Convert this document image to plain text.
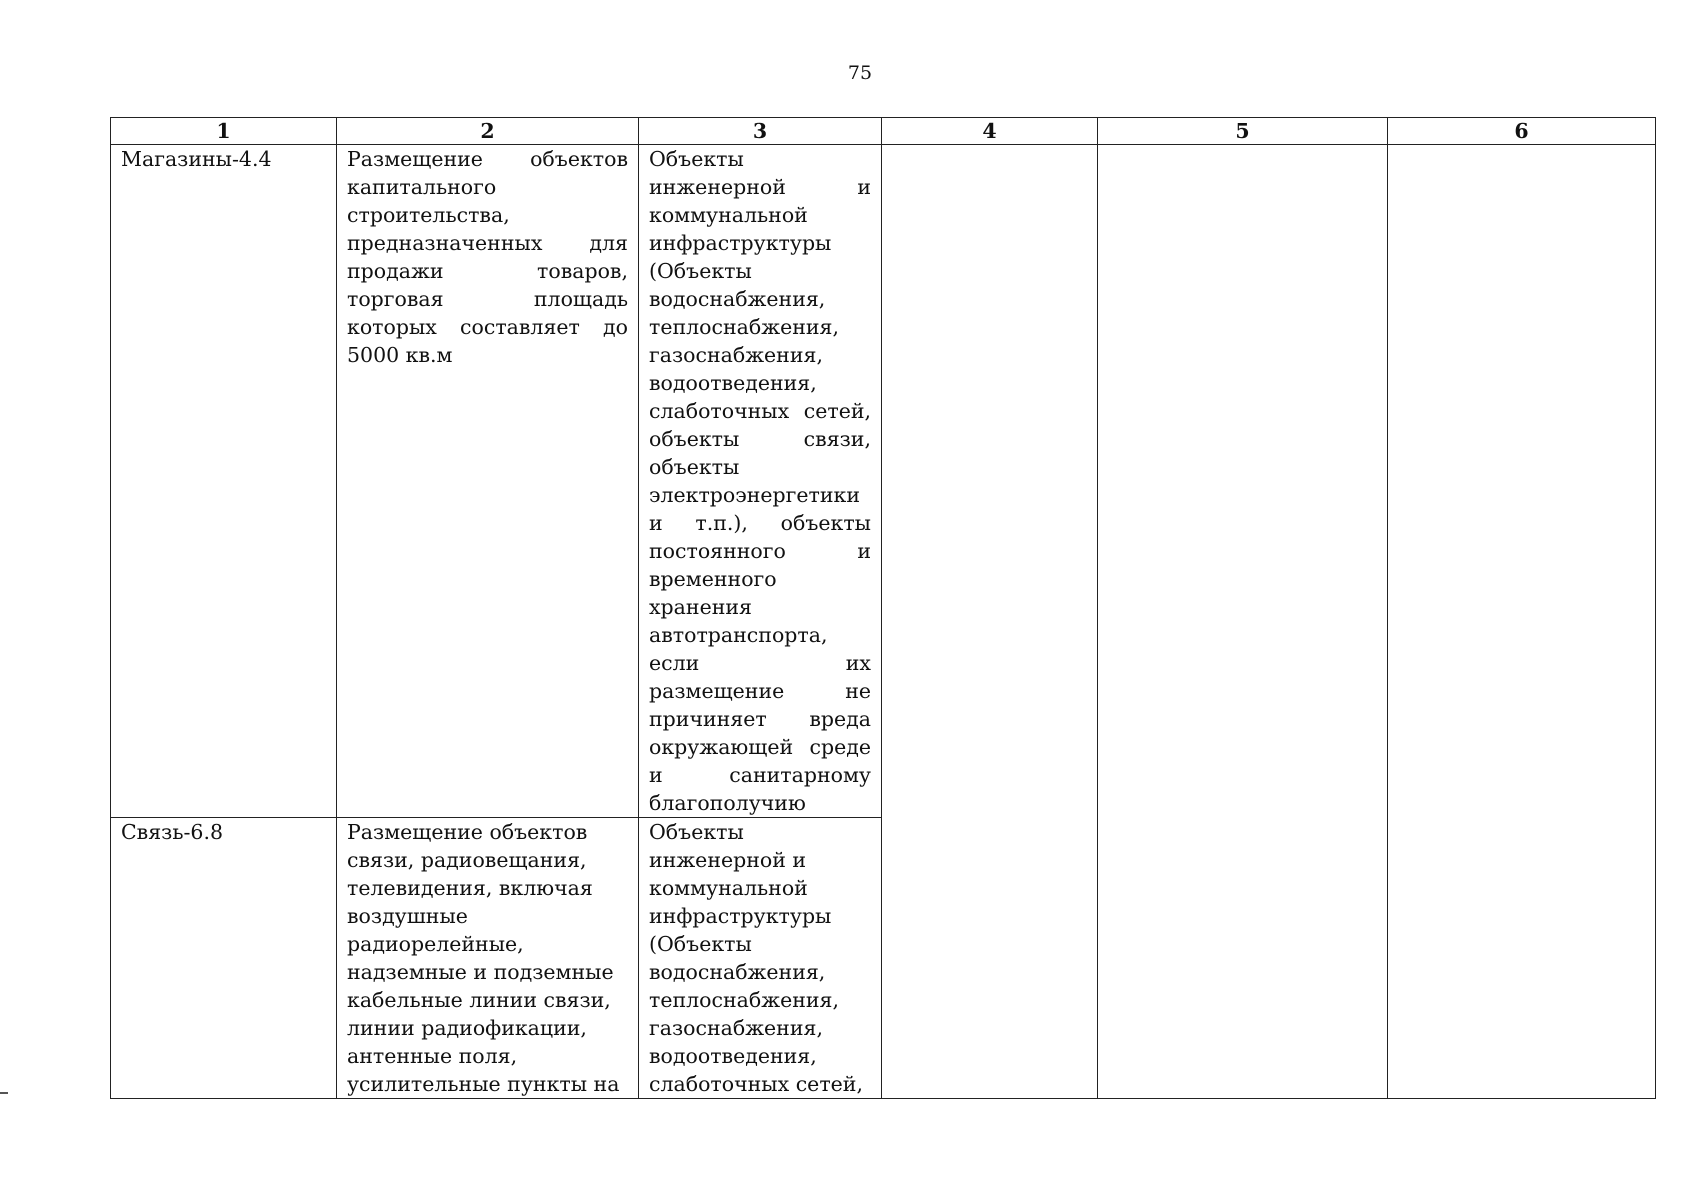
75
1	2	3	4	5	6
Магазины-4.4	Размещение объектов капитального строительства, предназначенных для продажи товаров, торговая площадь которых составляет до 5000 кв.м	Объекты инженерной и коммунальной инфраструктуры (Объекты водоснабжения, теплоснабжения, газоснабжения, водоотведения, слаботочных сетей, объекты связи, объекты электроэнергетики и т.п.), объекты постоянного и временного хранения автотранспорта, если их размещение не причиняет вреда окружающей среде и санитарному благополучию			

Связь-6.8	Размещение объектов связи, радиовещания, телевидения, включая воздушные радиорелейные, надземные и подземные кабельные линии связи, линии радиофикации, антенные поля, усилительные пункты на	Объекты инженерной и коммунальной инфраструктуры (Объекты водоснабжения, теплоснабжения, газоснабжения, водоотведения, слаботочных сетей,			
